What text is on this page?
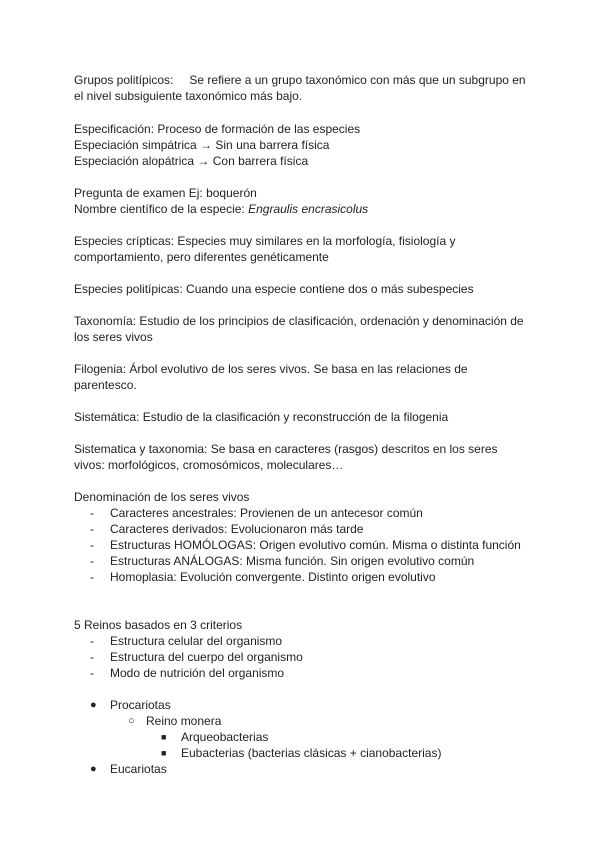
Grupos politípicos: Se refiere a un grupo taxonómico con más que un subgrupo en
el nivel subsiguiente taxonómico más bajo.
Especificación: Proceso de formación de las especies
Especiación simpátrica → Sin una barrera física
Especiación alopátrica → Con barrera física
Pregunta de examen Ej: boquerón
Nombre científico de la especie: Engraulis encrasicolus
Especies crípticas: Especies muy similares en la morfología, fisiología y
comportamiento, pero diferentes genéticamente
Especies politípicas: Cuando una especie contiene dos o más subespecies
Taxonomía: Estudio de los principios de clasificación, ordenación y denominación de
los seres vivos
Filogenia: Árbol evolutivo de los seres vivos. Se basa en las relaciones de
parentesco.
Sistemática: Estudio de la clasificación y reconstrucción de la filogenia
Sistematica y taxonomia: Se basa en caracteres (rasgos) descritos en los seres
vivos: morfológicos, cromosómicos, moleculares…
Denominación de los seres vivos
- Caracteres ancestrales: Provienen de un antecesor común
- Caracteres derivados: Evolucionaron más tarde
- Estructuras HOMÓLOGAS: Origen evolutivo común. Misma o distinta función
- Estructuras ANÁLOGAS: Misma función. Sin origen evolutivo común
- Homoplasia: Evolución convergente. Distinto origen evolutivo
5 Reinos basados en 3 criterios
- Estructura celular del organismo
- Estructura del cuerpo del organismo
- Modo de nutrición del organismo
● Procariotas
○ Reino monera
■ Arqueobacterias
■ Eubacterias (bacterias clásicas + cianobacterias)
● Eucariotas
